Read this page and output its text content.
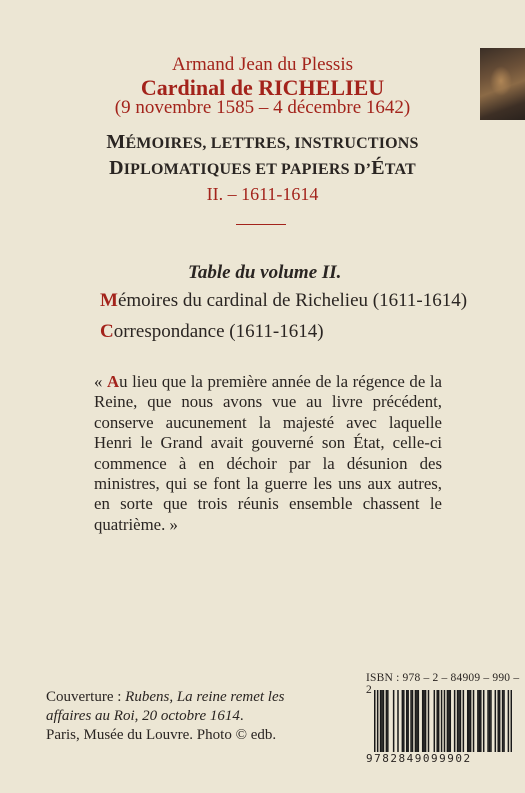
Armand Jean du Plessis
Cardinal de RICHELIEU
(9 novembre 1585 – 4 décembre 1642)
MÉMOIRES, LETTRES, INSTRUCTIONS
DIPLOMATIQUES ET PAPIERS D’ÉTAT
II. – 1611-1614
Table du volume II.
Mémoires du cardinal de Richelieu (1611-1614)
Correspondance (1611-1614)
« Au lieu que la première année de la régence de la Reine, que nous avons vue au livre précédent, conserve aucunement la majesté avec laquelle Henri le Grand avait gouverné son État, celle-ci commence à en déchoir par la désunion des ministres, qui se font la guerre les uns aux autres, en sorte que trois réunis ensemble chassent le quatrième. »
Couverture : Rubens, La reine remet les affaires au Roi, 20 octobre 1614.
Paris, Musée du Louvre. Photo © edb.
ISBN : 978 – 2 – 84909 – 990 – 2
9782849099902
